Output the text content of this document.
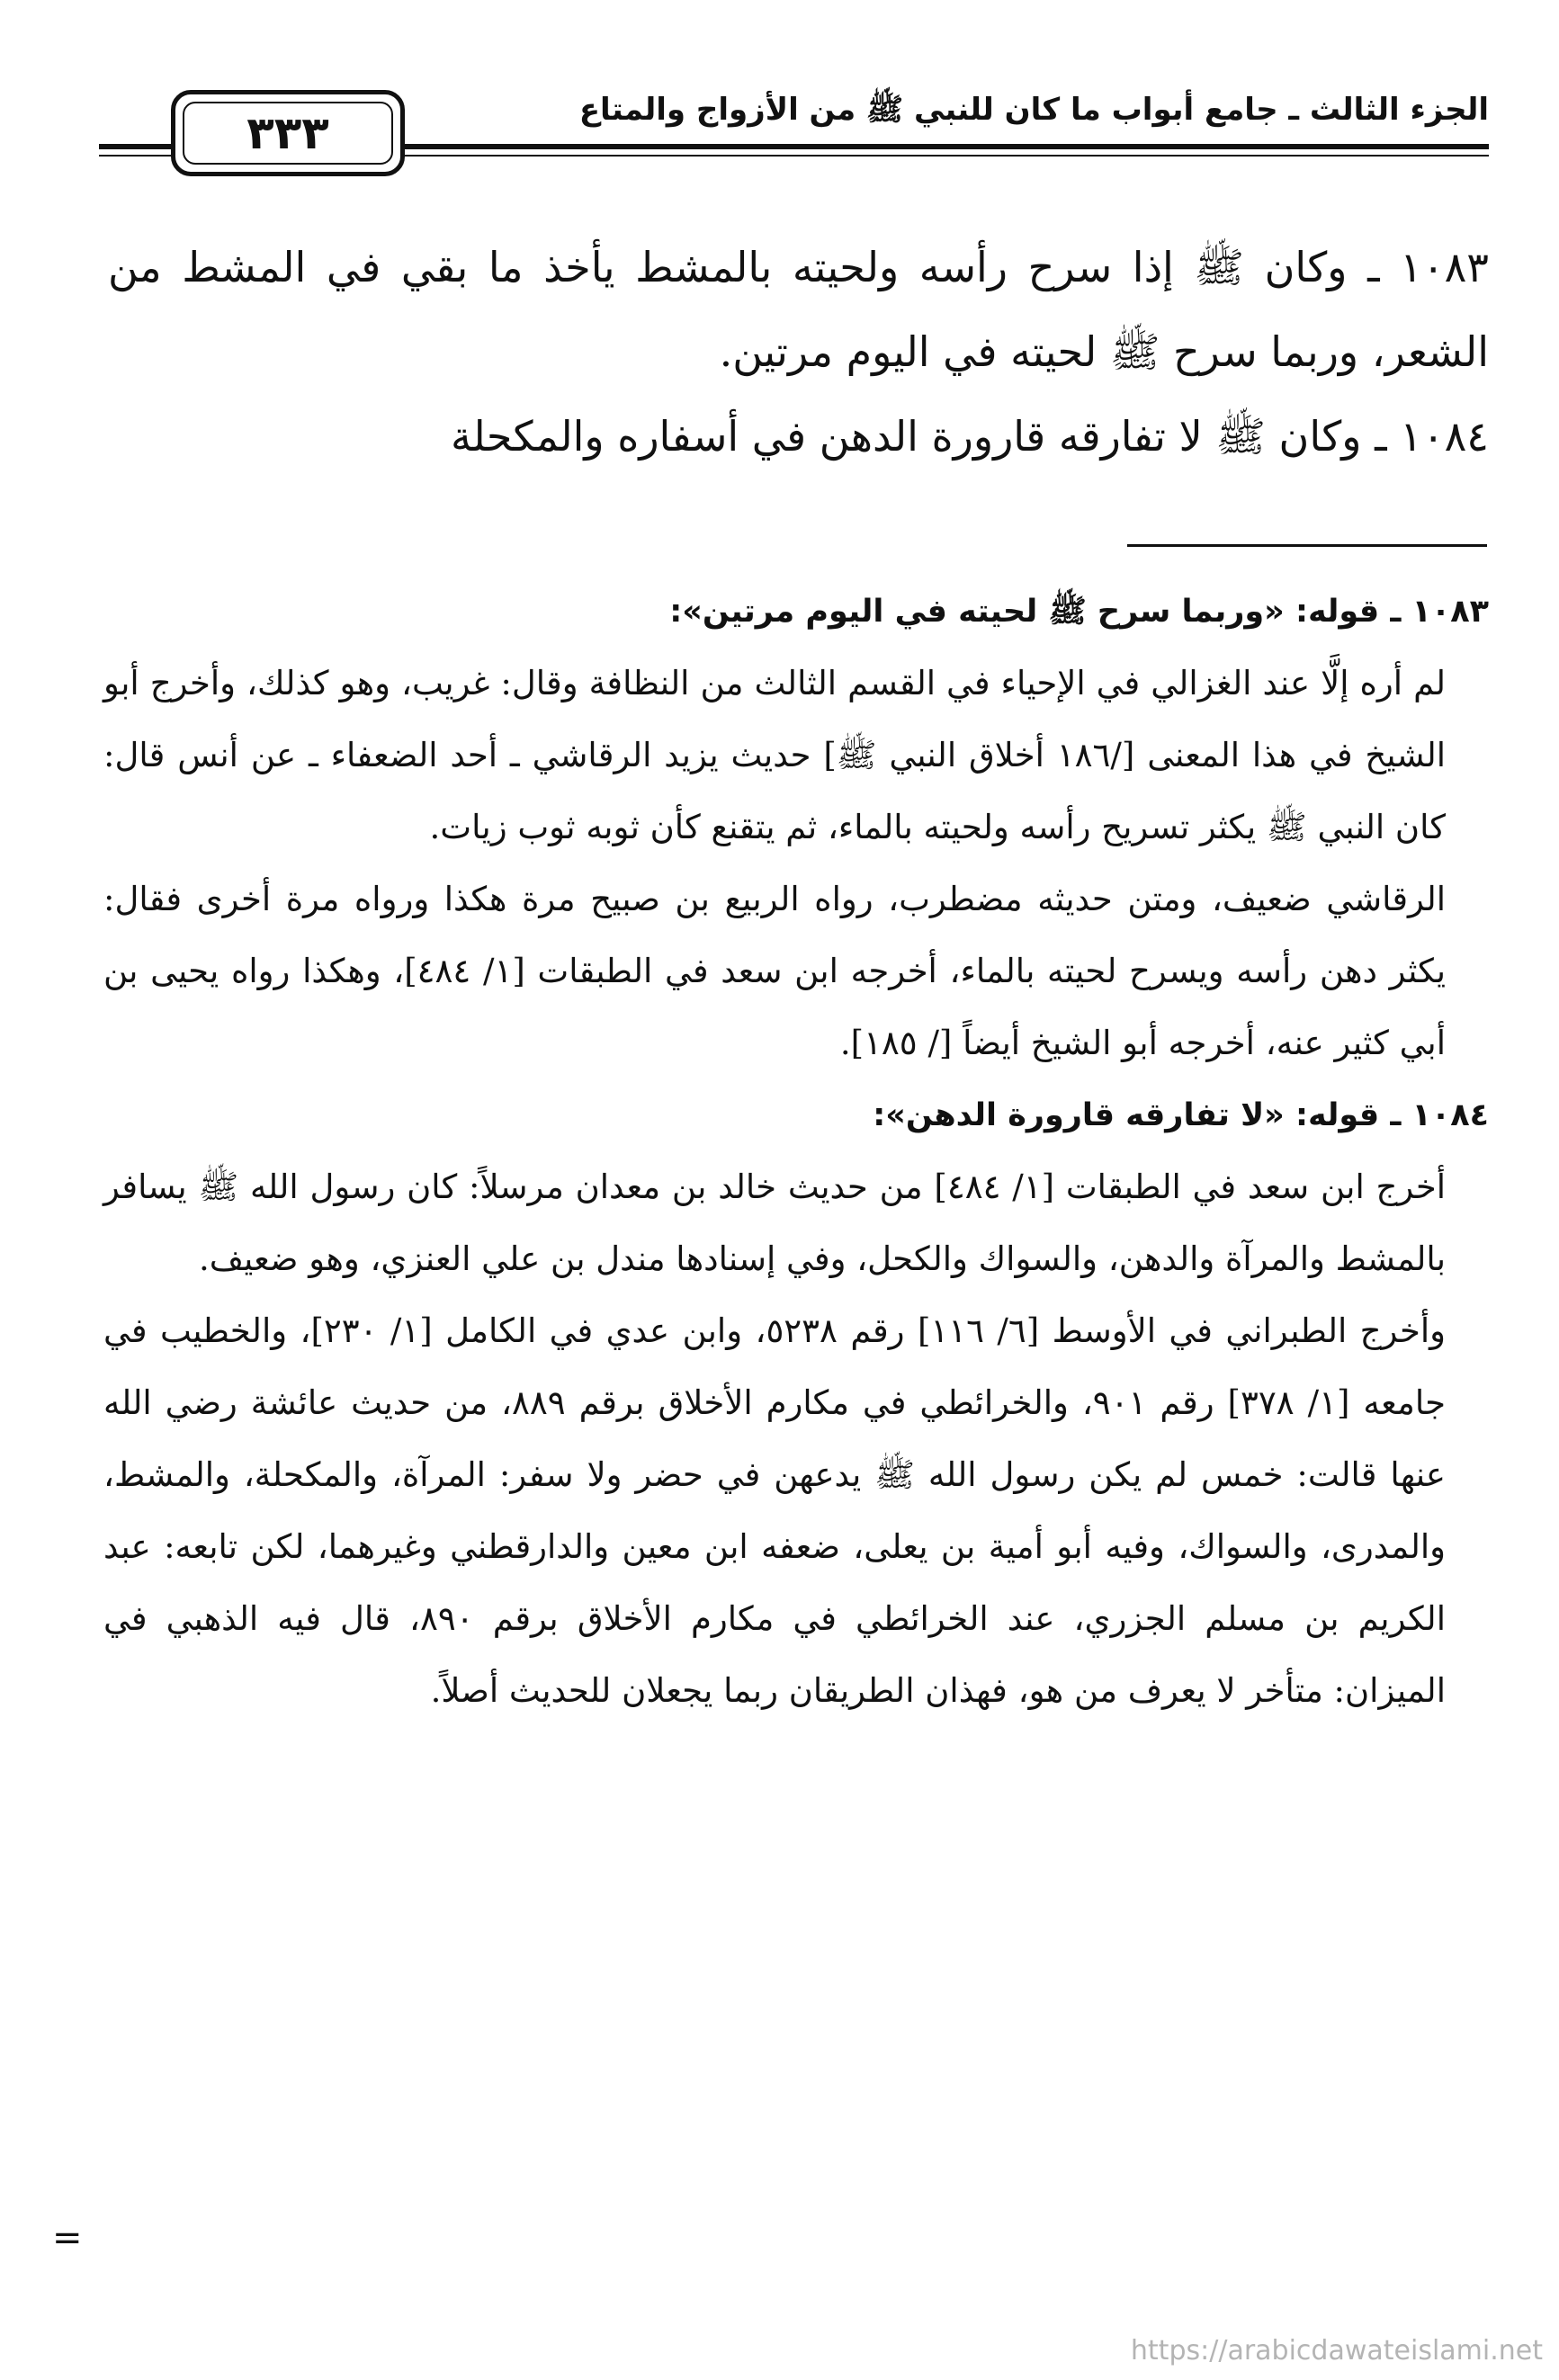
الجزء الثالث ـ جامع أبواب ما كان للنبي ﷺ من الأزواج والمتاع
٣٣٣

١٠٨٣ ـ وكان ﷺ إذا سرح رأسه ولحيته بالمشط يأخذ ما بقي في المشط من الشعر، وربما سرح ﷺ لحيته في اليوم مرتين.

١٠٨٤ ـ وكان ﷺ لا تفارقه قارورة الدهن في أسفاره والمكحلة

١٠٨٣ ـ قوله: «وربما سرح ﷺ لحيته في اليوم مرتين»:

لم أره إلَّا عند الغزالي في الإحياء في القسم الثالث من النظافة وقال: غريب، وهو كذلك، وأخرج أبو الشيخ في هذا المعنى [/١٨٦ أخلاق النبي ﷺ] حديث يزيد الرقاشي ـ أحد الضعفاء ـ عن أنس قال: كان النبي ﷺ يكثر تسريح رأسه ولحيته بالماء، ثم يتقنع كأن ثوبه ثوب زيات.

الرقاشي ضعيف، ومتن حديثه مضطرب، رواه الربيع بن صبيح مرة هكذا ورواه مرة أخرى فقال: يكثر دهن رأسه ويسرح لحيته بالماء، أخرجه ابن سعد في الطبقات [١/ ٤٨٤]، وهكذا رواه يحيى بن أبي كثير عنه، أخرجه أبو الشيخ أيضاً [/ ١٨٥].

١٠٨٤ ـ قوله: «لا تفارقه قارورة الدهن»:

أخرج ابن سعد في الطبقات [١/ ٤٨٤] من حديث خالد بن معدان مرسلاً: كان رسول الله ﷺ يسافر بالمشط والمرآة والدهن، والسواك والكحل، وفي إسنادها مندل بن علي العنزي، وهو ضعيف.

وأخرج الطبراني في الأوسط [٦/ ١١٦] رقم ٥٢٣٨، وابن عدي في الكامل [١/ ٢٣٠]، والخطيب في جامعه [١/ ٣٧٨] رقم ٩٠١، والخرائطي في مكارم الأخلاق برقم ٨٨٩، من حديث عائشة رضي الله عنها قالت: خمس لم يكن رسول الله ﷺ يدعهن في حضر ولا سفر: المرآة، والمكحلة، والمشط، والمدرى، والسواك، وفيه أبو أمية بن يعلى، ضعفه ابن معين والدارقطني وغيرهما، لكن تابعه: عبد الكريم بن مسلم الجزري، عند الخرائطي في مكارم الأخلاق برقم ٨٩٠، قال فيه الذهبي في الميزان: متأخر لا يعرف من هو، فهذان الطريقان ربما يجعلان للحديث أصلاً.

=
https://arabicdawateislami.net
